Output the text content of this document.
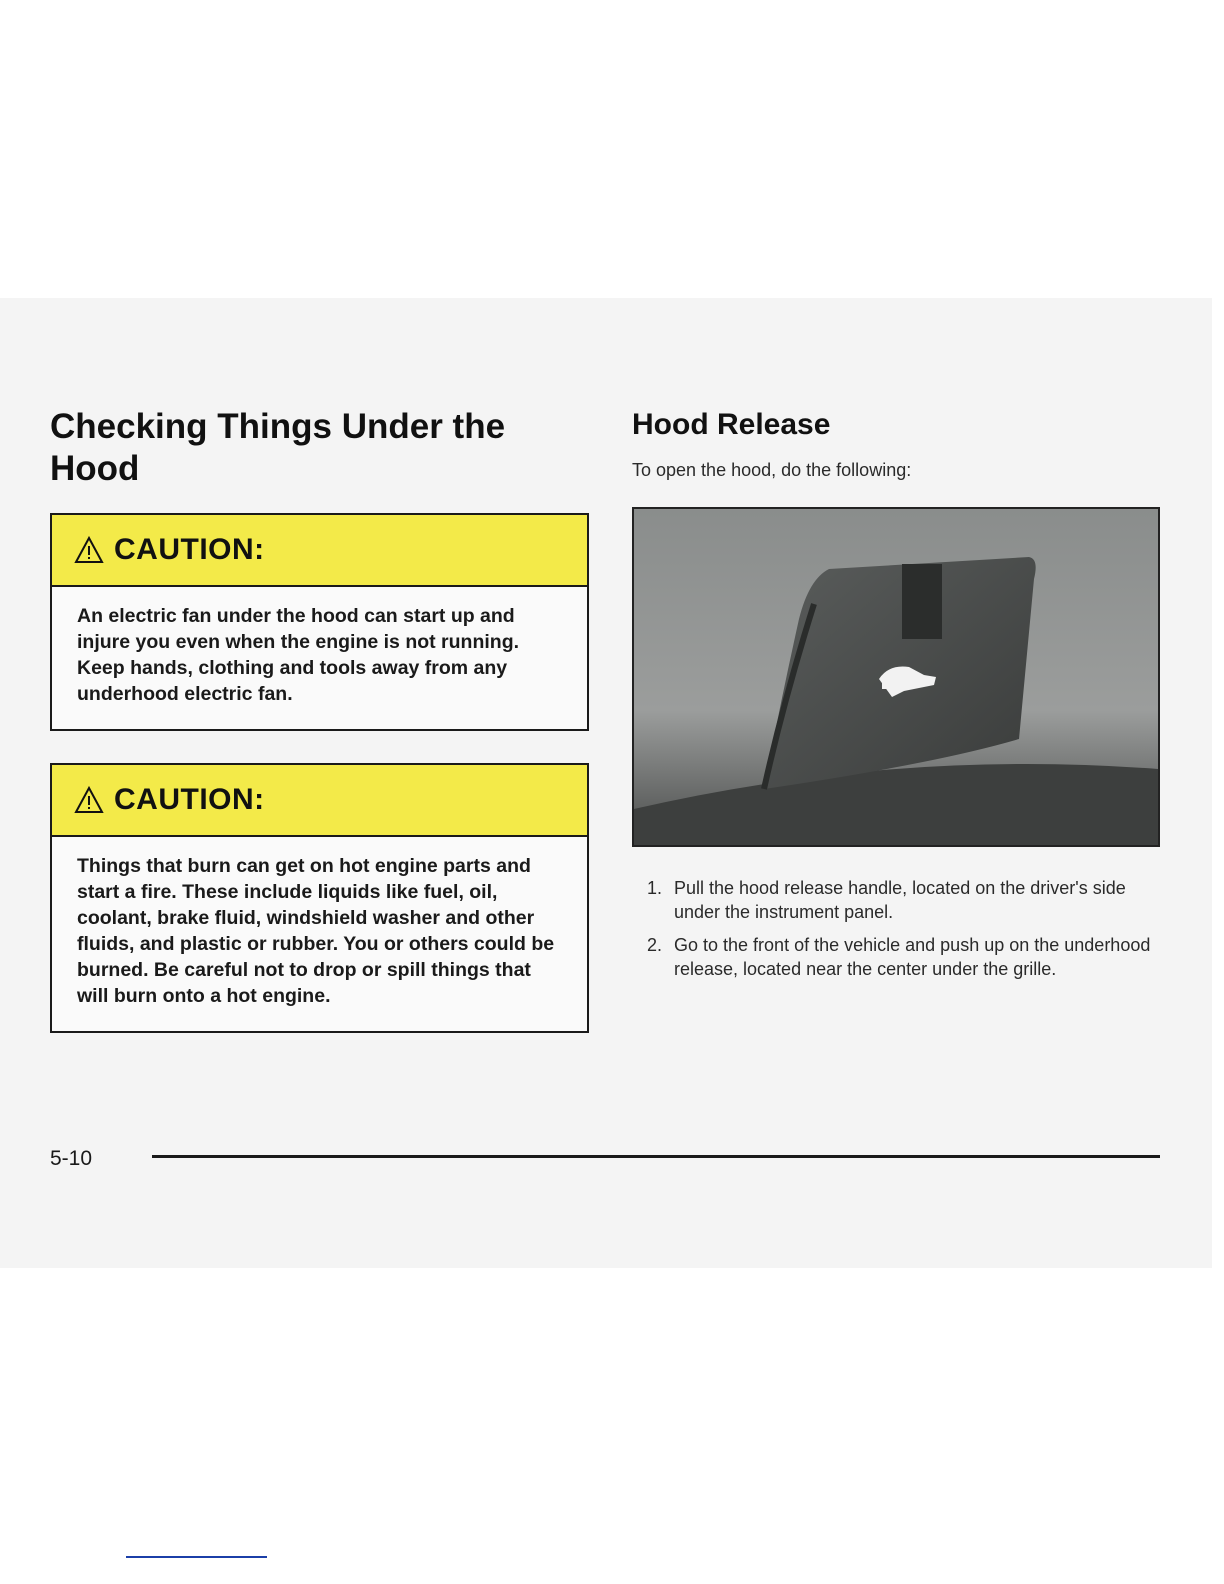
Checking Things Under the Hood
CAUTION:
An electric fan under the hood can start up and injure you even when the engine is not running. Keep hands, clothing and tools away from any underhood electric fan.
CAUTION:
Things that burn can get on hot engine parts and start a fire. These include liquids like fuel, oil, coolant, brake fluid, windshield washer and other fluids, and plastic or rubber. You or others could be burned. Be careful not to drop or spill things that will burn onto a hot engine.
Hood Release
To open the hood, do the following:
1. Pull the hood release handle, located on the driver's side under the instrument panel.
2. Go to the front of the vehicle and push up on the underhood release, located near the center under the grille.
5-10
